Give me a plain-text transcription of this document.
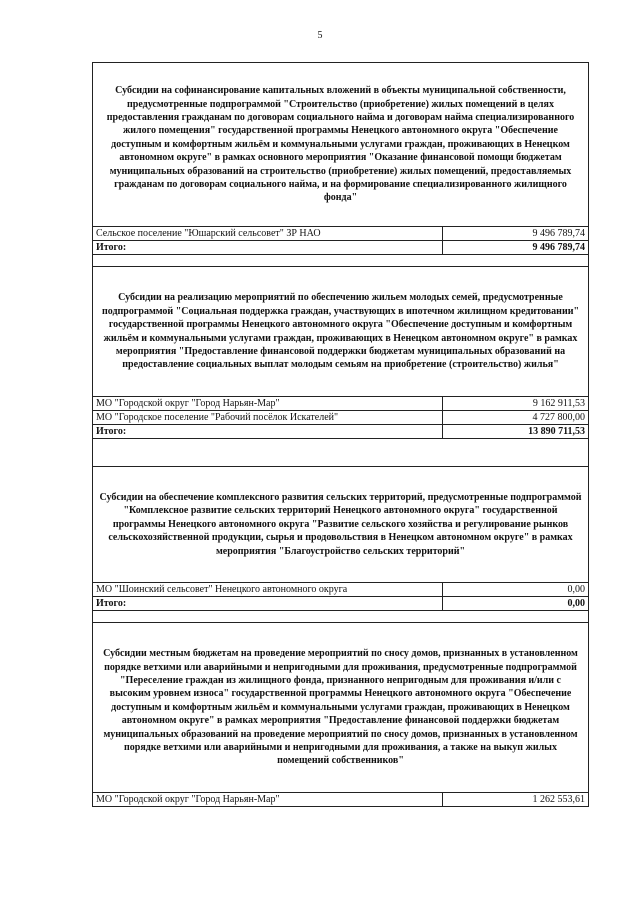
5
Субсидии на софинансирование капитальных вложений в объекты муниципальной собственности, предусмотренные подпрограммой "Строительство (приобретение) жилых помещений в целях предоставления гражданам по договорам социального найма и договорам найма специализированного жилого помещения" государственной программы Ненецкого автономного округа "Обеспечение доступным и комфортным жильём и коммунальными услугами граждан, проживающих в Ненецком автономном округе" в рамках основного мероприятия "Оказание финансовой помощи бюджетам муниципальных образований на строительство (приобретение) жилых помещений, предоставляемых гражданам по договорам социального найма, и на формирование специализированного жилищного фонда"	
Сельское поселение "Юшарский сельсовет" ЗР НАО	9 496 789,74
Итого:	9 496 789,74

Субсидии на реализацию мероприятий по обеспечению жильем молодых семей, предусмотренные подпрограммой "Социальная поддержка граждан, участвующих в ипотечном жилищном кредитовании" государственной программы Ненецкого автономного округа "Обеспечение доступным и комфортным жильём и коммунальными услугами граждан, проживающих в Ненецком автономном округе" в рамках мероприятия "Предоставление финансовой поддержки бюджетам муниципальных образований на предоставление социальных выплат молодым семьям на приобретение (строительство) жилья"	
МО "Городской округ "Город Нарьян-Мар"	9 162 911,53
МО "Городское поселение "Рабочий посёлок Искателей"	4 727 800,00
Итого:	13 890 711,53

Субсидии на обеспечение комплексного развития сельских территорий, предусмотренные подпрограммой "Комплексное развитие сельских территорий Ненецкого автономного округа" государственной программы Ненецкого автономного округа "Развитие сельского хозяйства и регулирование рынков сельскохозяйственной продукции, сырья и продовольствия в Ненецком автономном округе" в рамках мероприятия "Благоустройство сельских территорий"	
МО "Шоинский сельсовет" Ненецкого автономного округа	0,00
Итого:	0,00

Субсидии местным бюджетам на проведение мероприятий по сносу домов, признанных в установленном порядке ветхими или аварийными и непригодными для проживания, предусмотренные подпрограммой "Переселение граждан из жилищного фонда, признанного непригодным для проживания и/или с высоким уровнем износа" государственной программы Ненецкого автономного округа "Обеспечение доступным и комфортным жильём и коммунальными услугами граждан, проживающих в Ненецком автономном округе" в рамках мероприятия "Предоставление финансовой поддержки бюджетам муниципальных образований на проведение мероприятий по сносу домов, признанных в установленном порядке ветхими или аварийными и непригодными для проживания, а также на выкуп жилых помещений собственников"	
МО "Городской округ "Город Нарьян-Мар"	1 262 553,61
